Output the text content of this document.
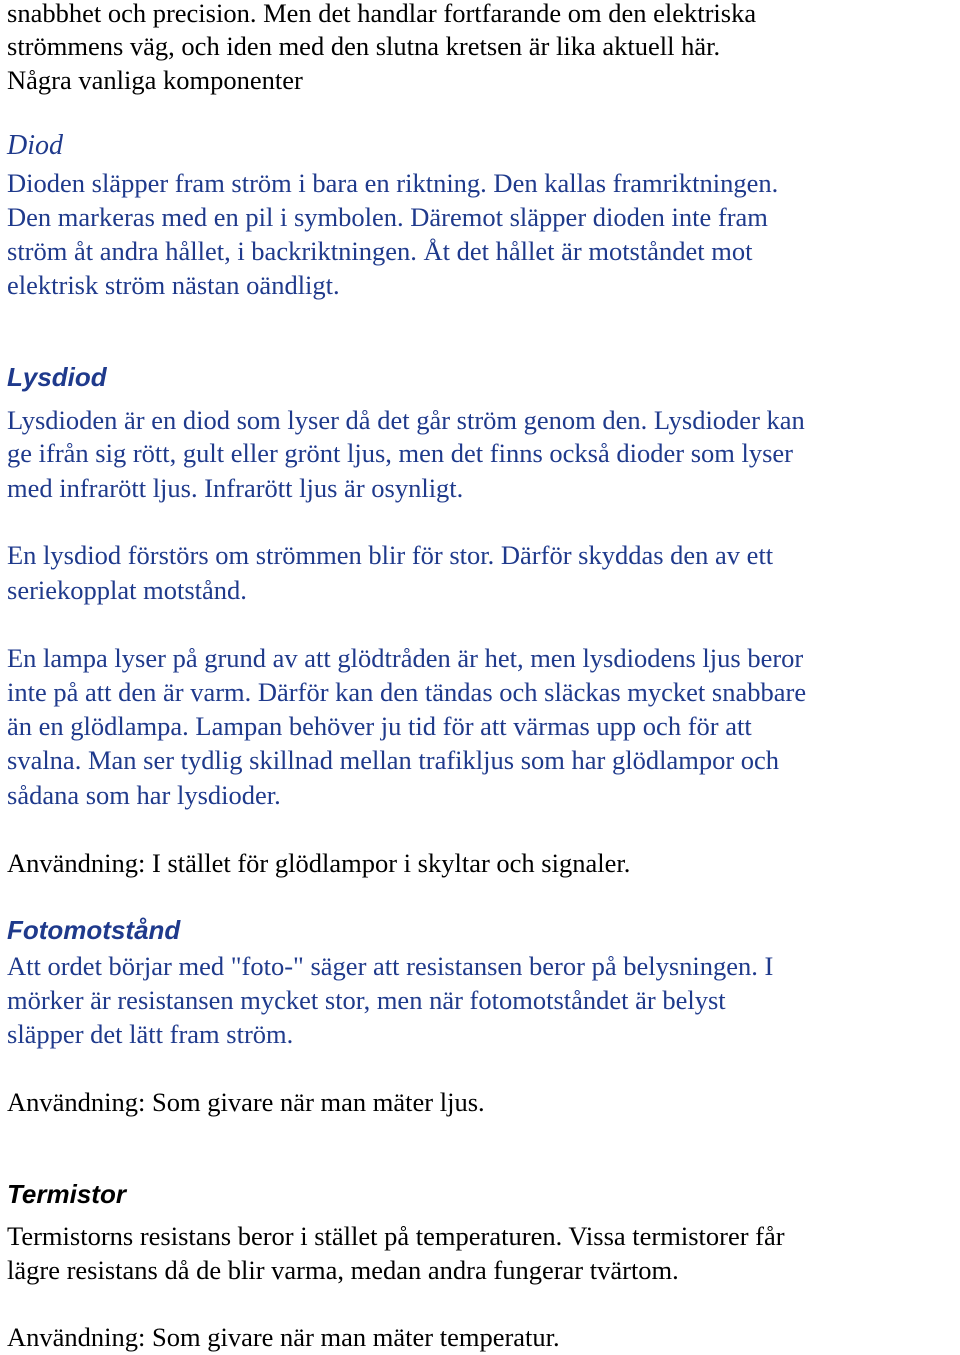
snabbhet och precision. Men det handlar fortfarande om den elektriska
strömmens väg, och iden med den slutna kretsen är lika aktuell här.
Några vanliga komponenter
Diod
Dioden släpper fram ström i bara en riktning. Den kallas framriktningen.
Den markeras med en pil i symbolen. Däremot släpper dioden inte fram
ström åt andra hållet, i backriktningen. Åt det hållet är motståndet mot
elektrisk ström nästan oändligt.
Lysdiod
Lysdioden är en diod som lyser då det går ström genom den. Lysdioder kan
ge ifrån sig rött, gult eller grönt ljus, men det finns också dioder som lyser
med infrarött ljus. Infrarött ljus är osynligt.
En lysdiod förstörs om strömmen blir för stor. Därför skyddas den av ett
seriekopplat motstånd.
En lampa lyser på grund av att glödtråden är het, men lysdiodens ljus beror
inte på att den är varm. Därför kan den tändas och släckas mycket snabbare
än en glödlampa. Lampan behöver ju tid för att värmas upp och för att
svalna. Man ser tydlig skillnad mellan trafikljus som har glödlampor och
sådana som har lysdioder.
Användning: I stället för glödlampor i skyltar och signaler.
Fotomotstånd
Att ordet börjar med "foto-" säger att resistansen beror på belysningen. I
mörker är resistansen mycket stor, men när fotomotståndet är belyst
släpper det lätt fram ström.
Användning: Som givare när man mäter ljus.
Termistor
Termistorns resistans beror i stället på temperaturen. Vissa termistorer får
lägre resistans då de blir varma, medan andra fungerar tvärtom.
Användning: Som givare när man mäter temperatur.
